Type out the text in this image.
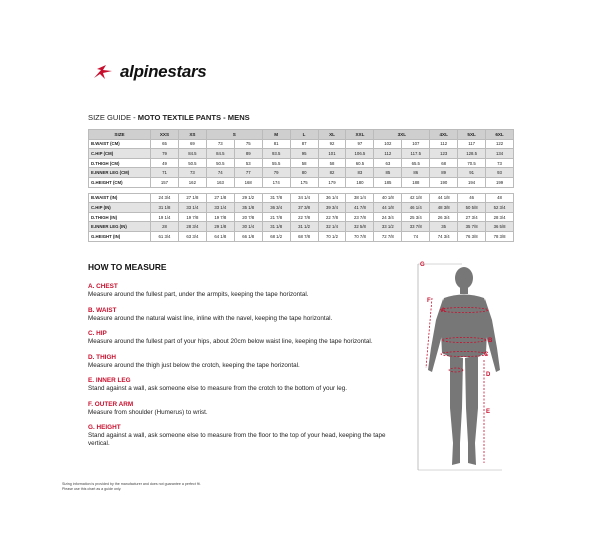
alpinestars
SIZE GUIDE - MOTO TEXTILE PANTS - MENS
SIZE	XXS	XS	S		M	L	XL	XXL	3XL		4XL	5XL	6XL
B.WAIST (CM)	65	69	73	75	81	87	92	97	102	107	112	117	122
C.HIP (CM)	79	84.5	84.5	89	93.5	95	101	106.5	112	117.5	123	128.5	134
D.THIGH (CM)	49	50.5	50.5	53	55.5	58	58	60.5	63	65.5	68	70.5	73
E.INNER LEG (CM)	71	73	74	77	79	80	82	83	85	86	89	91	93
G.HEIGHT (CM)	157	162	163	168	174	175	179	180	185	188	190	194	199

B.WAIST (IN)	24 3/4	27 1/8	27 1/8	29 1/2	31 7/8	34 1/4	36 1/4	38 1/4	40 1/8	42 1/8	44 1/8	46	48
C.HIP (IN)	31 1/8	33 1/4	33 1/4	35 1/8	36 3/4	37 3/8	39 3/4	41 7/8	44 1/8	46 1/4	48 3/8	50 5/8	52 3/4
D.THIGH (IN)	19 1/4	19 7/8	19 7/8	20 7/8	21 7/8	22 7/8	22 7/8	23 7/8	24 3/4	25 3/4	26 3/4	27 3/4	28 3/4
E.INNER LEG (IN)	28	28 3/4	29 1/8	30 1/4	31 1/8	31 1/2	32 1/4	32 5/8	33 1/2	33 7/8	35	35 7/8	36 5/8
G.HEIGHT (IN)	61 3/4	63 3/4	64 1/8	66 1/8	68 1/2	68 7/8	70 1/2	70 7/8	72 7/8	74	74 3/4	76 3/8	78 3/8
HOW TO MEASURE
A. CHEST
Measure around the fullest part, under the armpits, keeping the tape horizontal.
B. WAIST
Measure around the natural waist line, inline with the navel, keeping the tape horizontal.
C. HIP
Measure around the fullest part of your hips, about 20cm below waist line, keeping the tape horizontal.
D. THIGH
Measure around the thigh just below the crotch, keeping the tape horizontal.
E. INNER LEG
Stand against a wall, ask someone else to measure from the crotch to the bottom of your leg.
F. OUTER ARM
Measure from shoulder (Humerus) to wrist.
G. HEIGHT
Stand against a wall, ask someone else to measure from the floor to the top of your head, keeping the tape vertical.
G
A
F
B
C
D
E
Sizing information is provided by the manufacturer and does not guarantee a perfect fit.
Please use this chart as a guide only.
